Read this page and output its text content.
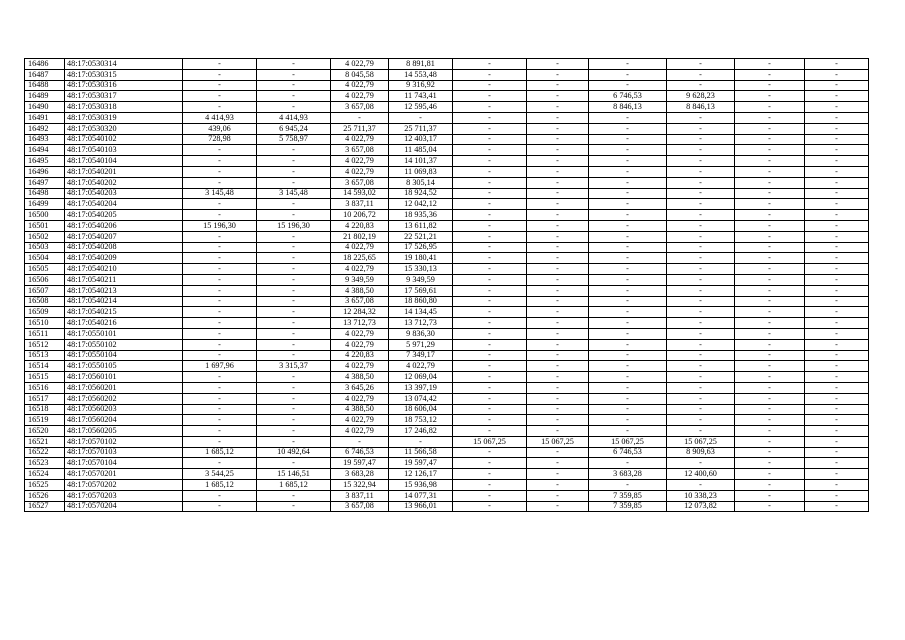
16486	48:17:0530314	-	-	4 022,79	8 891,81	-	-	-	-	-	-
16487	48:17:0530315	-	-	8 045,58	14 553,48	-	-	-	-	-	-
16488	48:17:0530316	-	-	4 022,79	9 316,92	-	-	-	-	-	-
16489	48:17:0530317	-	-	4 022,79	11 743,41	-	-	6 746,53	9 628,23	-	-
16490	48:17:0530318	-	-	3 657,08	12 595,46	-	-	8 846,13	8 846,13	-	-
16491	48:17:0530319	4 414,93	4 414,93	-	-	-	-	-	-	-	-
16492	48:17:0530320	439,06	6 945,24	25 711,37	25 711,37	-	-	-	-	-	-
16493	48:17:0540102	728,98	5 758,97	4 022,79	12 403,17	-	-	-	-	-	-
16494	48:17:0540103	-	-	3 657,08	11 485,04	-	-	-	-	-	-
16495	48:17:0540104	-	-	4 022,79	14 101,37	-	-	-	-	-	-
16496	48:17:0540201	-	-	4 022,79	11 069,83	-	-	-	-	-	-
16497	48:17:0540202	-	-	3 657,08	8 305,14	-	-	-	-	-	-
16498	48:17:0540203	3 145,48	3 145,48	14 593,02	18 924,52	-	-	-	-	-	-
16499	48:17:0540204	-	-	3 837,11	12 042,12	-	-	-	-	-	-
16500	48:17:0540205	-	-	10 206,72	18 935,36	-	-	-	-	-	-
16501	48:17:0540206	15 196,30	15 196,30	4 220,83	13 611,82	-	-	-	-	-	-
16502	48:17:0540207	-	-	21 802,19	22 521,21	-	-	-	-	-	-
16503	48:17:0540208	-	-	4 022,79	17 526,95	-	-	-	-	-	-
16504	48:17:0540209	-	-	18 225,65	19 180,41	-	-	-	-	-	-
16505	48:17:0540210	-	-	4 022,79	15 330,13	-	-	-	-	-	-
16506	48:17:0540211	-	-	9 349,59	9 349,59	-	-	-	-	-	-
16507	48:17:0540213	-	-	4 388,50	17 569,61	-	-	-	-	-	-
16508	48:17:0540214	-	-	3 657,08	18 860,80	-	-	-	-	-	-
16509	48:17:0540215	-	-	12 284,32	14 134,45	-	-	-	-	-	-
16510	48:17:0540216	-	-	13 712,73	13 712,73	-	-	-	-	-	-
16511	48:17:0550101	-	-	4 022,79	9 836,30	-	-	-	-	-	-
16512	48:17:0550102	-	-	4 022,79	5 971,29	-	-	-	-	-	-
16513	48:17:0550104	-	-	4 220,83	7 349,17	-	-	-	-	-	-
16514	48:17:0550105	1 697,96	3 315,37	4 022,79	4 022,79	-	-	-	-	-	-
16515	48:17:0560101	-	-	4 388,50	12 069,04	-	-	-	-	-	-
16516	48:17:0560201	-	-	3 645,26	13 397,19	-	-	-	-	-	-
16517	48:17:0560202	-	-	4 022,79	13 074,42	-	-	-	-	-	-
16518	48:17:0560203	-	-	4 388,50	18 606,04	-	-	-	-	-	-
16519	48:17:0560204	-	-	4 022,79	18 753,12	-	-	-	-	-	-
16520	48:17:0560205	-	-	4 022,79	17 246,82	-	-	-	-	-	-
16521	48:17:0570102	-	-	-	-	15 067,25	15 067,25	15 067,25	15 067,25	-	-
16522	48:17:0570103	1 685,12	10 492,64	6 746,53	11 566,58	-	-	6 746,53	8 909,63	-	-
16523	48:17:0570104	-	-	19 597,47	19 597,47	-	-	-	-	-	-
16524	48:17:0570201	3 544,25	15 146,51	3 683,28	12 126,17	-	-	3 683,28	12 400,60	-	-
16525	48:17:0570202	1 685,12	1 685,12	15 322,94	15 936,98	-	-	-	-	-	-
16526	48:17:0570203	-	-	3 837,11	14 077,31	-	-	7 359,85	10 338,23	-	-
16527	48:17:0570204	-	-	3 657,08	13 966,01	-	-	7 359,85	12 073,82	-	-
